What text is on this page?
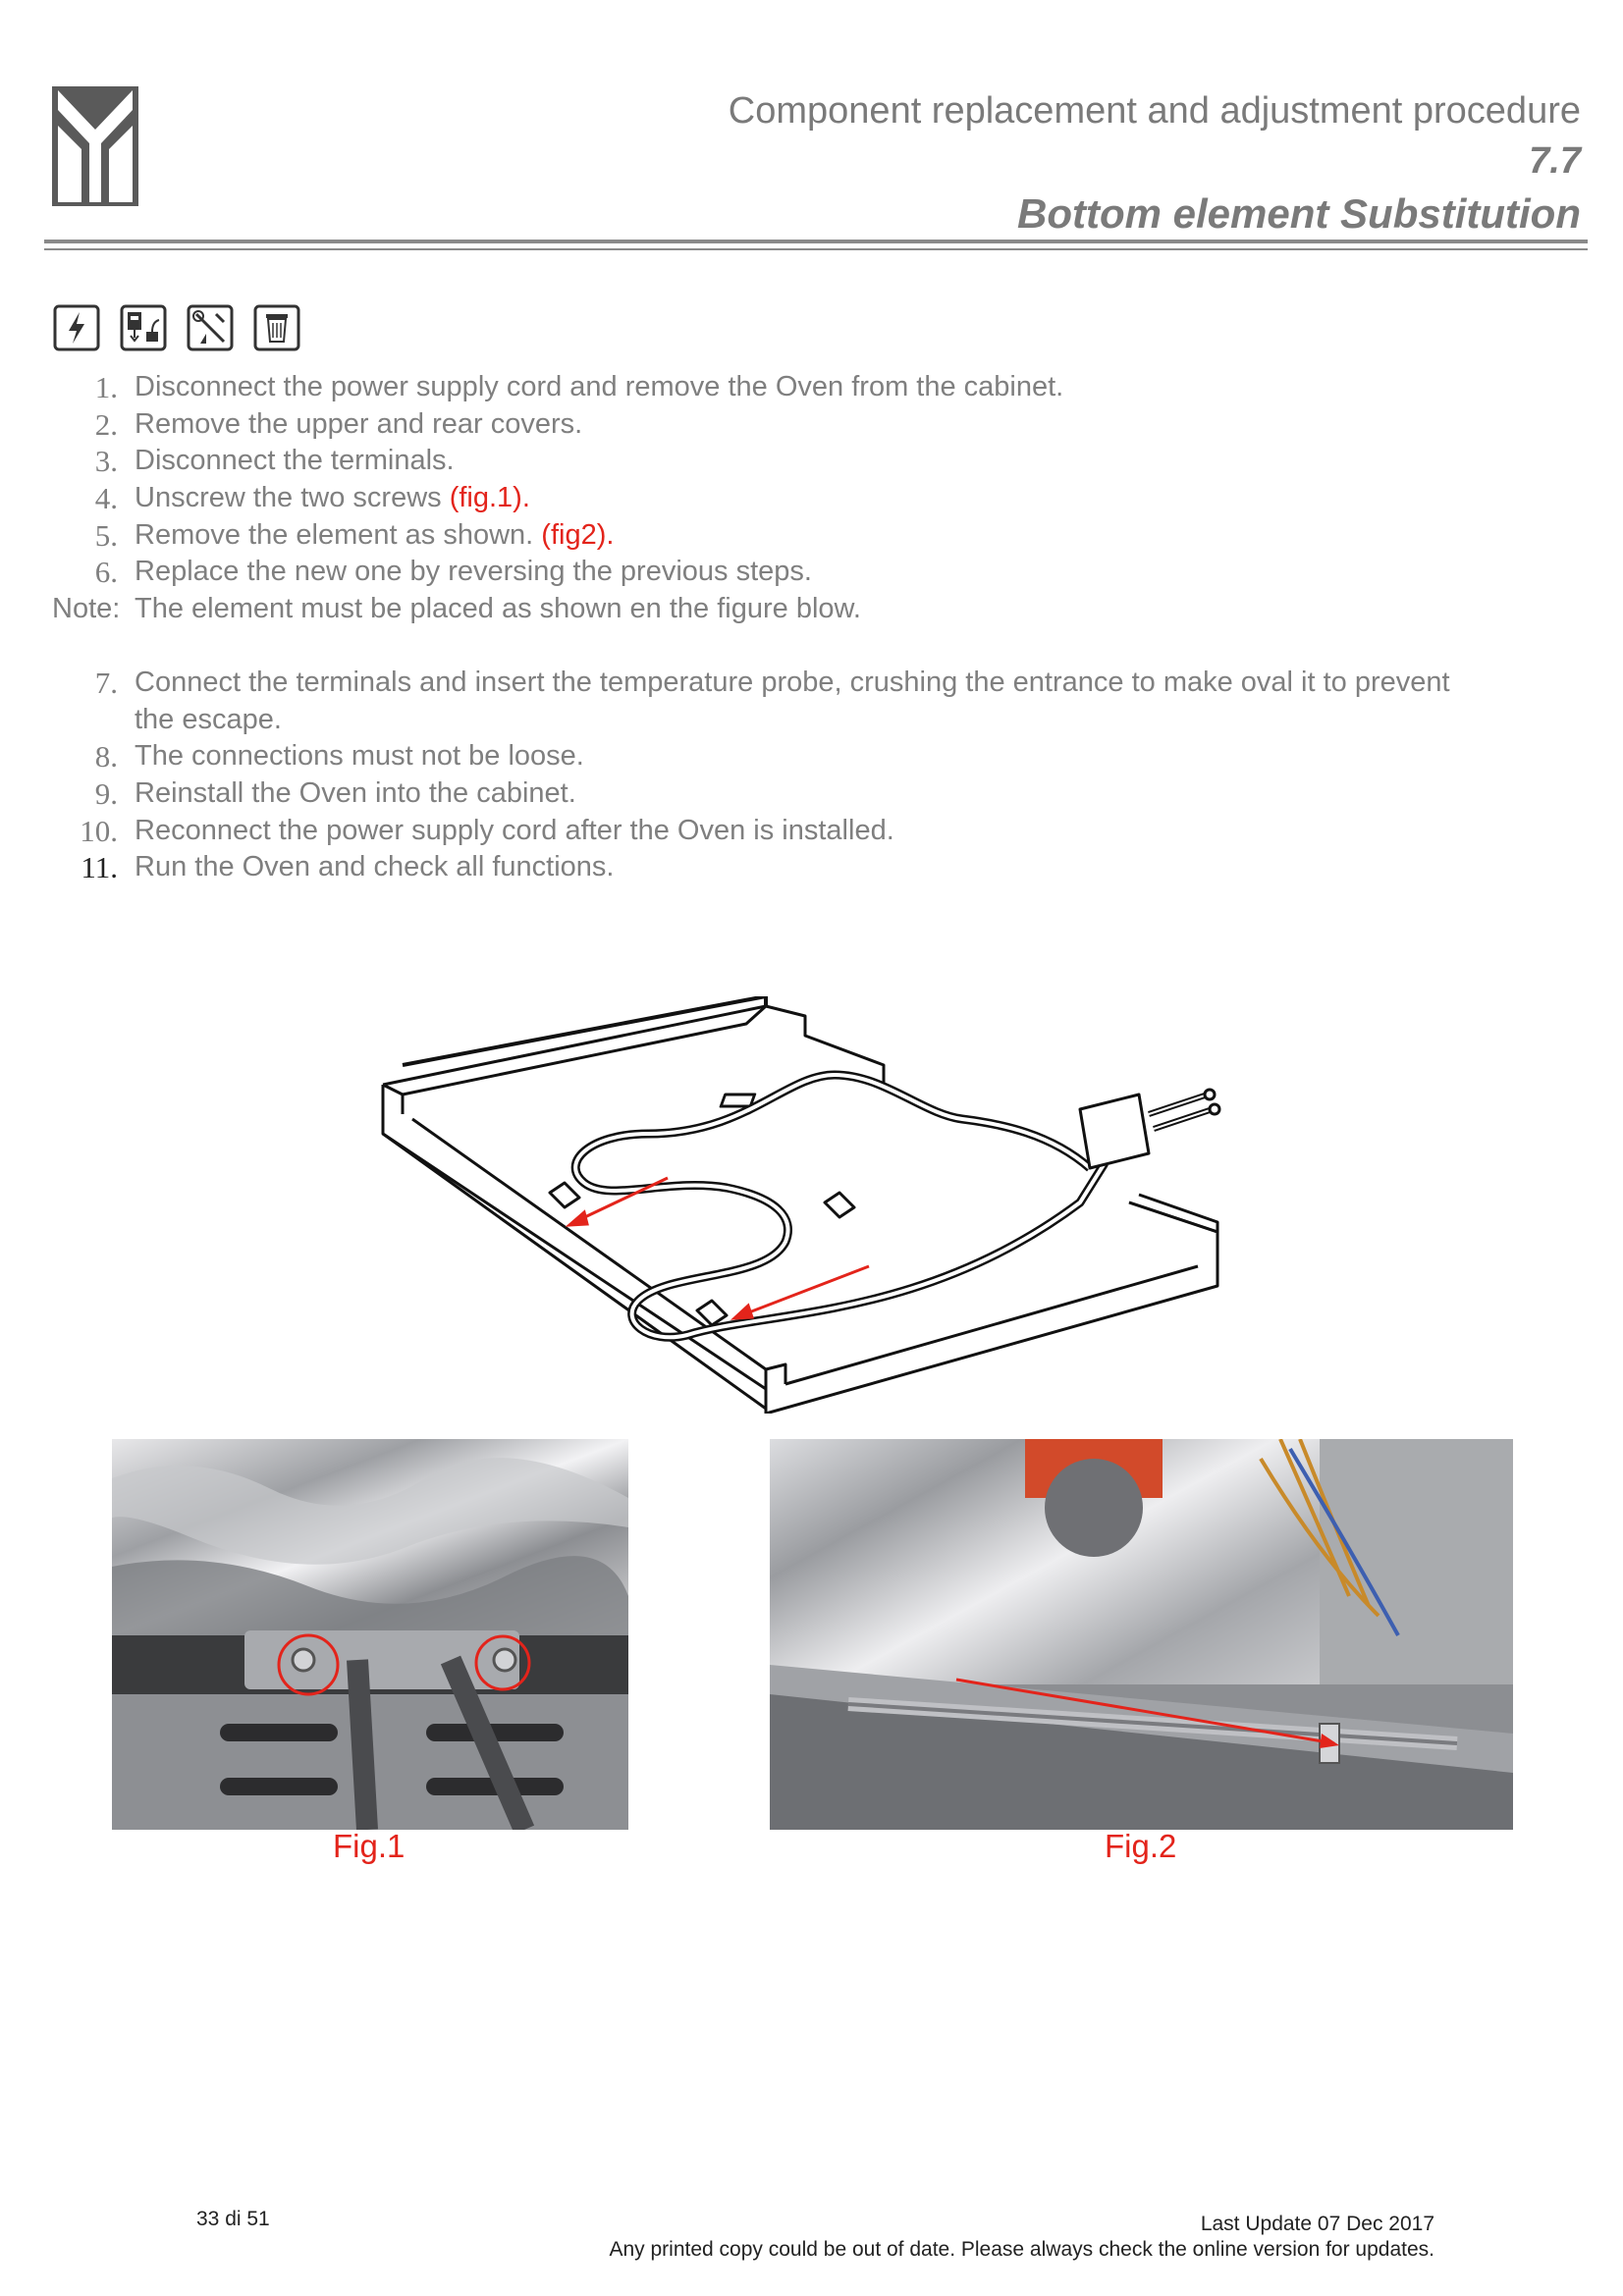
Component replacement and adjustment procedure
7.7
Bottom element Substitution
1. Disconnect the power supply cord and remove the Oven from the cabinet.
2. Remove the upper and rear covers.
3. Disconnect the terminals.
4. Unscrew the two screws (fig.1).
5. Remove the element as shown. (fig2).
6. Replace the new one by reversing the previous steps.
Note: The element must be placed as shown en the figure blow.
7. Connect the terminals and insert the temperature probe, crushing the entrance to make oval it to prevent
the escape.
8. The connections must not be loose.
9. Reinstall the Oven into the cabinet.
10. Reconnect the power supply cord after the Oven is installed.
11. Run the Oven and check all functions.
Fig.1	Fig.2
33 di 51	Last Update 07 Dec 2017
Any printed copy could be out of date. Please always check the online version for updates.
